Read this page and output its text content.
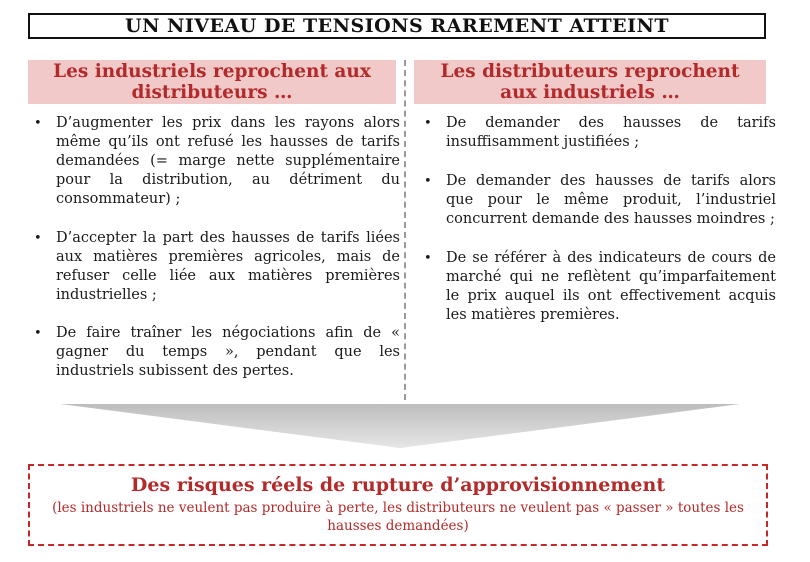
UN NIVEAU DE TENSIONS RAREMENT ATTEINT
Les industriels reprochent aux distributeurs …
Les distributeurs reprochent aux industriels …
• D’augmenter les prix dans les rayons alors même qu’ils ont refusé les hausses de tarifs demandées (= marge nette supplémentaire pour la distribution, au détriment du consommateur) ;
• D’accepter la part des hausses de tarifs liées aux matières premières agricoles, mais de refuser celle liée aux matières premières industrielles ;
• De faire traîner les négociations afin de « gagner du temps », pendant que les industriels subissent des pertes.
• De demander des hausses de tarifs insuffisamment justifiées ;
• De demander des hausses de tarifs alors que pour le même produit, l’industriel concurrent demande des hausses moindres ;
• De se référer à des indicateurs de cours de marché qui ne reflètent qu’imparfaitement le prix auquel ils ont effectivement acquis les matières premières.
Des risques réels de rupture d’approvisionnement
(les industriels ne veulent pas produire à perte, les distributeurs ne veulent pas « passer » toutes les hausses demandées)
